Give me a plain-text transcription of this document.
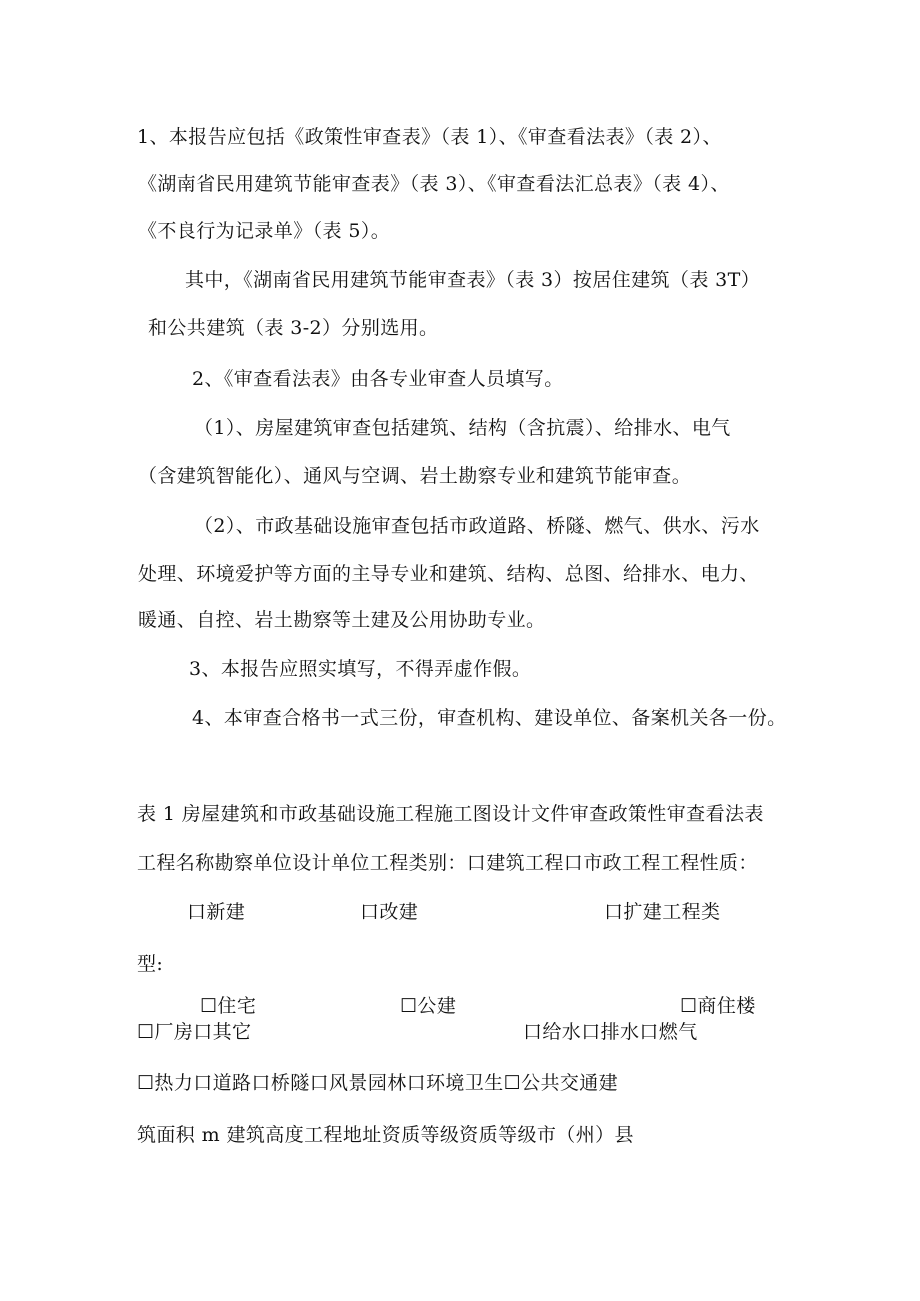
1、本报告应包括《政策性审查表》（表 1）、《审查看法表》（表 2）、
《湖南省民用建筑节能审查表》（表 3）、《审查看法汇总表》（表 4）、
《不良行为记录单》（表 5）。
其中，《湖南省民用建筑节能审查表》（表 3）按居住建筑（表 3T）
和公共建筑（表 3-2）分别选用。
2、《审查看法表》由各专业审查人员填写。
（1）、房屋建筑审查包括建筑、结构（含抗震）、给排水、电气
（含建筑智能化）、通风与空调、岩土勘察专业和建筑节能审查。
（2）、市政基础设施审查包括市政道路、桥隧、燃气、供水、污水
处理、环境爱护等方面的主导专业和建筑、结构、总图、给排水、电力、
暖通、自控、岩土勘察等土建及公用协助专业。
3、本报告应照实填写，不得弄虚作假。
4、本审查合格书一式三份，审查机构、建设单位、备案机关各一份。
表 1 房屋建筑和市政基础设施工程施工图设计文件审查政策性审查看法表
工程名称勘察单位设计单位工程类别：口建筑工程口市政工程工程性质：
口新建	口改建	口扩建工程类
型:
☐住宅	☐公建	☐商住楼
☐厂房口其它	口给水口排水口燃气
☐热力口道路口桥隧口风景园林口环境卫生☐公共交通建
筑面积 m 建筑高度工程地址资质等级资质等级市（州）县
